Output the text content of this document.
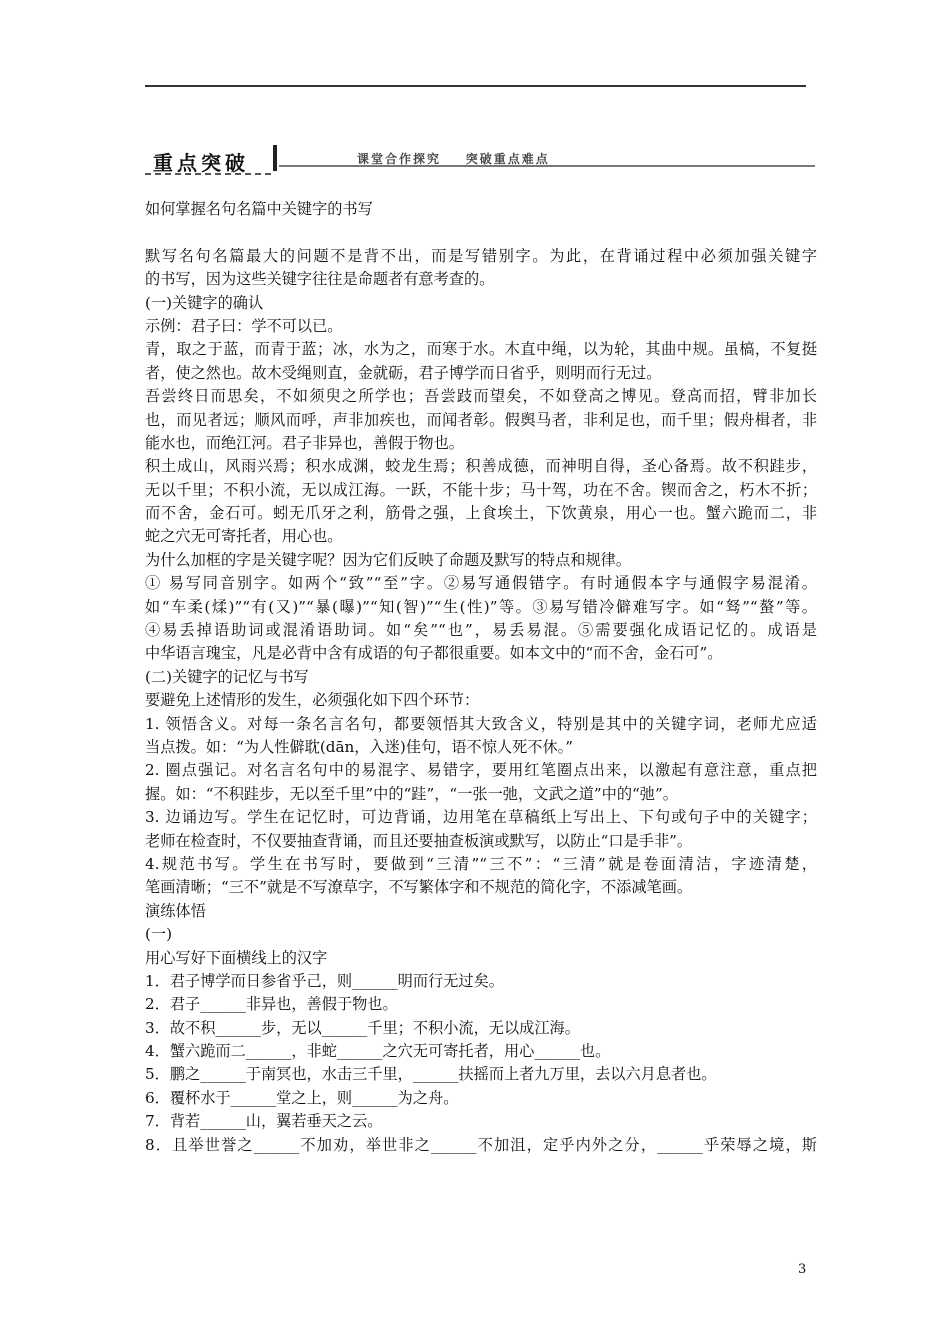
重点突破	课堂合作探究    突破重点难点
如何掌握名句名篇中关键字的书写
默写名句名篇最大的问题不是背不出，而是写错别字。为此，在背诵过程中必须加强关键字
的书写，因为这些关键字往往是命题者有意考查的。
(一)关键字的确认
示例：君子曰：学不可以已。
青，取之于蓝，而青于蓝；冰，水为之，而寒于水。木直中绳，以为轮，其曲中规。虽槁，不复挺
者，使之然也。故木受绳则直，金就砺，君子博学而日省乎，则明而行无过。
吾尝终日而思矣，不如须臾之所学也；吾尝跂而望矣，不如登高之博见。登高而招，臂非加长
也，而见者远；顺风而呼，声非加疾也，而闻者彰。假舆马者，非利足也，而千里；假舟楫者，非
能水也，而绝江河。君子非异也，善假于物也。
积土成山，风雨兴焉；积水成渊，蛟龙生焉；积善成德，而神明自得，圣心备焉。故不积跬步，
无以千里；不积小流，无以成江海。一跃，不能十步；马十驾，功在不舍。锲而舍之，朽木不折；
而不舍，金石可。蚓无爪牙之利，筋骨之强，上食埃土，下饮黄泉，用心一也。蟹六跪而二，非
蛇之穴无可寄托者，用心也。
为什么加框的字是关键字呢？因为它们反映了命题及默写的特点和规律。
① 易写同音别字。如两个“致”“至”字。②易写通假错字。有时通假本字与通假字易混淆。
如“车柔(煣)”“有(又)”“暴(曝)”“知(智)”“生(性)”等。③易写错冷僻难写字。如“驽”“螯”等。
④易丢掉语助词或混淆语助词。如“矣”“也”，易丢易混。⑤需要强化成语记忆的。成语是
中华语言瑰宝，凡是必背中含有成语的句子都很重要。如本文中的“而不舍，金石可”。
(二)关键字的记忆与书写
要避免上述情形的发生，必须强化如下四个环节：
1. 领悟含义。对每一条名言名句，都要领悟其大致含义，特别是其中的关键字词，老师尤应适
当点拨。如：“为人性僻耽(dān，入迷)佳句，语不惊人死不休。”
2. 圈点强记。对名言名句中的易混字、易错字，要用红笔圈点出来，以激起有意注意，重点把
握。如：“不积跬步，无以至千里”中的“跬”，“一张一弛，文武之道”中的“弛”。
3. 边诵边写。学生在记忆时，可边背诵，边用笔在草稿纸上写出上、下句或句子中的关键字；
老师在检查时，不仅要抽查背诵，而且还要抽查板演或默写，以防止“口是手非”。
4.规范书写。学生在书写时，要做到“三清”“三不”：“三清”就是卷面清洁，字迹清楚，
笔画清晰；“三不”就是不写潦草字，不写繁体字和不规范的简化字，不添减笔画。
演练体悟
(一)
用心写好下面横线上的汉字
1．君子博学而日参省乎己，则______明而行无过矣。
2．君子______非异也，善假于物也。
3．故不积______步，无以______千里；不积小流，无以成江海。
4．蟹六跪而二______，非蛇______之穴无可寄托者，用心______也。
5．鹏之______于南冥也，水击三千里，______扶摇而上者九万里，去以六月息者也。
6．覆杯水于______堂之上，则______为之舟。
7．背若______山，翼若垂天之云。
8．且举世誉之______不加劝，举世非之______不加沮，定乎内外之分，______乎荣辱之境，斯
3
